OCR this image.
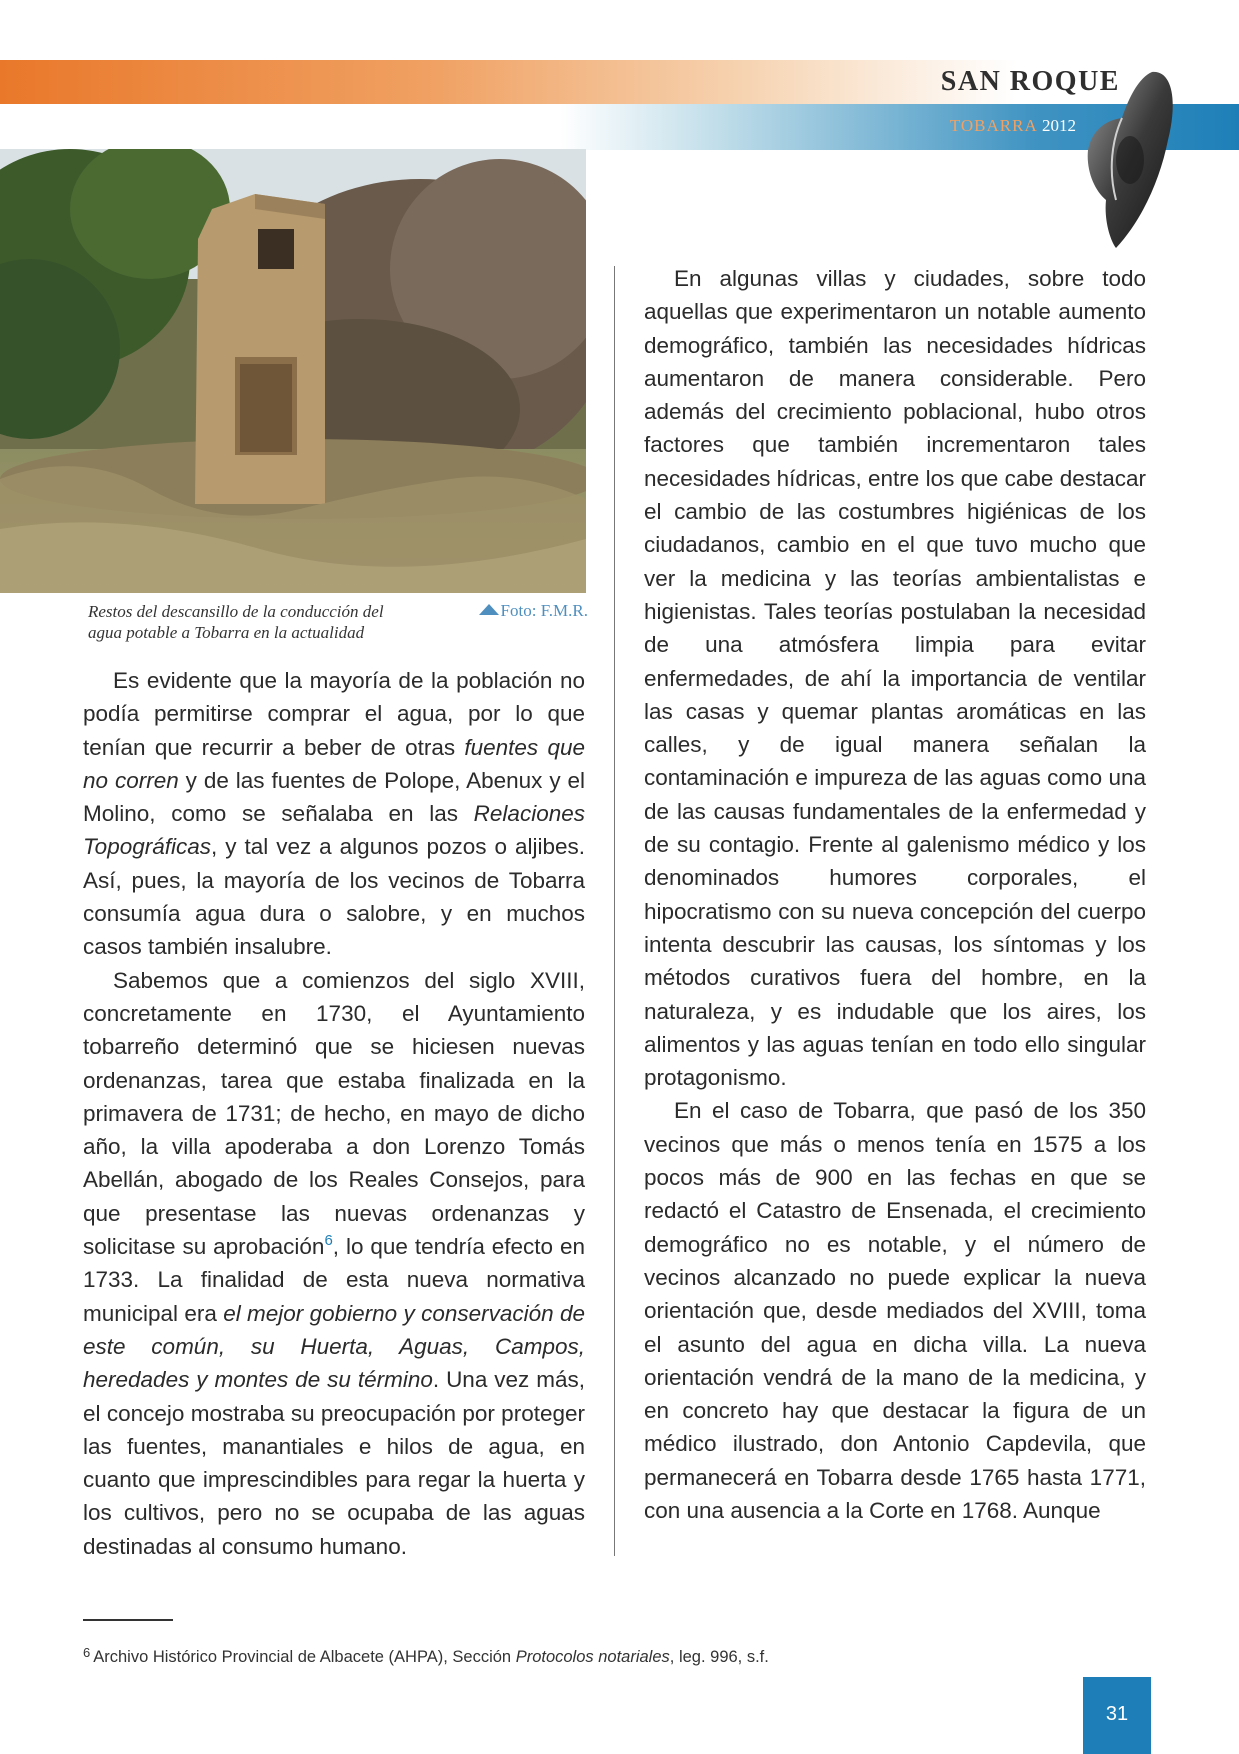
SAN ROQUE
TOBARRA 2012
Restos del descansillo de la conducción del
agua potable a Tobarra en la actualidad
Foto: F.M.R.

Es evidente que la mayoría de la población no podía permitirse comprar el agua, por lo que tenían que recurrir a beber de otras fuentes que no corren y de las fuentes de Polope, Abenux y el Molino, como se señalaba en las Relaciones Topográficas, y tal vez a algunos pozos o aljibes. Así, pues, la mayoría de los vecinos de Tobarra consumía agua dura o salobre, y en muchos casos también insalubre.

Sabemos que a comienzos del siglo XVIII, concretamente en 1730, el Ayuntamiento tobarreño determinó que se hiciesen nuevas ordenanzas, tarea que estaba finalizada en la primavera de 1731; de hecho, en mayo de dicho año, la villa apoderaba a don Lorenzo Tomás Abellán, abogado de los Reales Consejos, para que presentase las nuevas ordenanzas y solicitase su aprobación$^6$, lo que tendría efecto en 1733. La finalidad de esta nueva normativa municipal era el mejor gobierno y conservación de este común, su Huerta, Aguas, Campos, heredades y montes de su término. Una vez más, el concejo mostraba su preocupación por proteger las fuentes, manantiales e hilos de agua, en cuanto que imprescindibles para regar la huerta y los cultivos, pero no se ocupaba de las aguas destinadas al consumo humano.

En algunas villas y ciudades, sobre todo aquellas que experimentaron un notable aumento demográfico, también las necesidades hídricas aumentaron de manera considerable. Pero además del crecimiento poblacional, hubo otros factores que también incrementaron tales necesidades hídricas, entre los que cabe destacar el cambio de las costumbres higiénicas de los ciudadanos, cambio en el que tuvo mucho que ver la medicina y las teorías ambientalistas e higienistas. Tales teorías postulaban la necesidad de una atmósfera limpia para evitar enfermedades, de ahí la importancia de ventilar las casas y quemar plantas aromáticas en las calles, y de igual manera señalan la contaminación e impureza de las aguas como una de las causas fundamentales de la enfermedad y de su contagio. Frente al galenismo médico y los denominados humores corporales, el hipocratismo con su nueva concepción del cuerpo intenta descubrir las causas, los síntomas y los métodos curativos fuera del hombre, en la naturaleza, y es indudable que los aires, los alimentos y las aguas tenían en todo ello singular protagonismo.

En el caso de Tobarra, que pasó de los 350 vecinos que más o menos tenía en 1575 a los pocos más de 900 en las fechas en que se redactó el Catastro de Ensenada, el crecimiento demográfico no es notable, y el número de vecinos alcanzado no puede explicar la nueva orientación que, desde mediados del XVIII, toma el asunto del agua en dicha villa. La nueva orientación vendrá de la mano de la medicina, y en concreto hay que destacar la figura de un médico ilustrado, don Antonio Capdevila, que permanecerá en Tobarra desde 1765 hasta 1771, con una ausencia a la Corte en 1768. Aunque

$^6$ Archivo Histórico Provincial de Albacete (AHPA), Sección Protocolos notariales, leg. 996, s.f.
31
